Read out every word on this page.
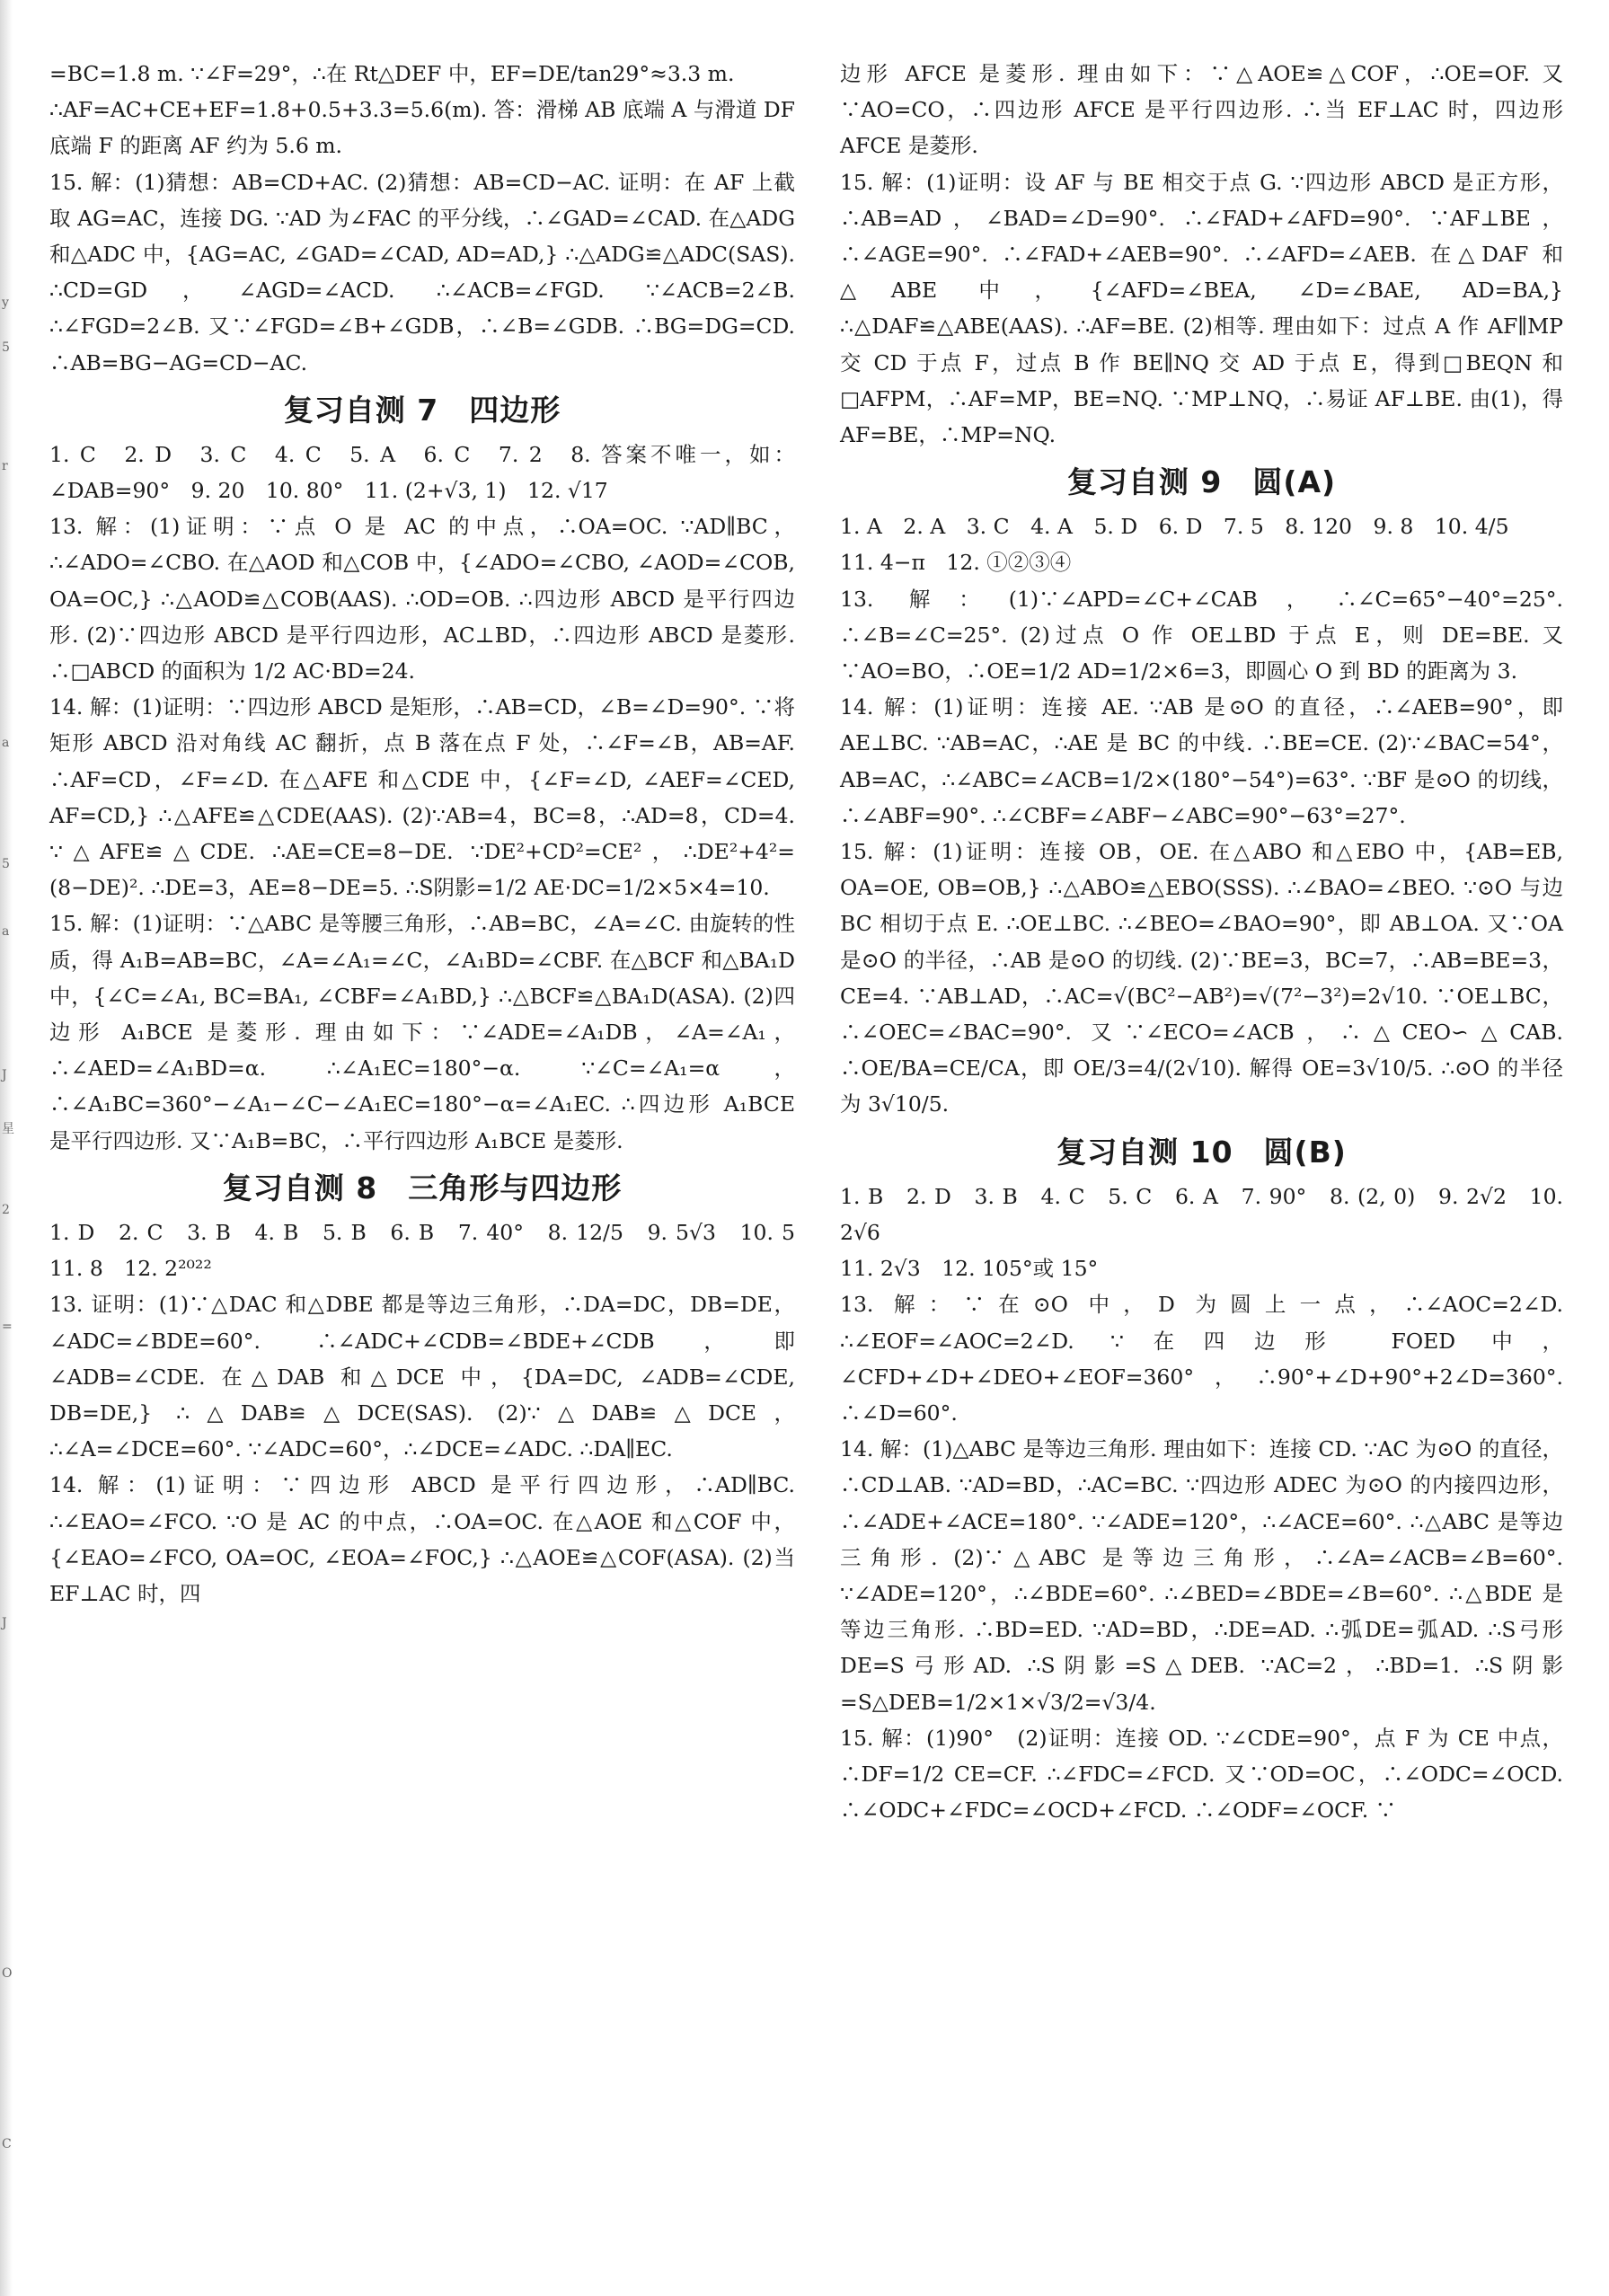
y
5
r
a
5
a
J
星
2
=
J
O
C

=BC=1.8 m. ∵∠F=29°，∴在 Rt△DEF 中，EF=DE/tan29°≈3.3 m.

∴AF=AC+CE+EF=1.8+0.5+3.3=5.6(m). 答：滑梯 AB 底端 A 与滑道 DF 底端 F 的距离 AF 约为 5.6 m.

15. 解：(1)猜想：AB=CD+AC. (2)猜想：AB=CD−AC. 证明：在 AF 上截取 AG=AC，连接 DG. ∵AD 为∠FAC 的平分线，∴∠GAD=∠CAD. 在△ADG 和△ADC 中，{AG=AC, ∠GAD=∠CAD, AD=AD,} ∴△ADG≌△ADC(SAS). ∴CD=GD，∠AGD=∠ACD. ∴∠ACB=∠FGD. ∵∠ACB=2∠B. ∴∠FGD=2∠B. 又∵∠FGD=∠B+∠GDB，∴∠B=∠GDB. ∴BG=DG=CD. ∴AB=BG−AG=CD−AC.

复习自测 7　四边形

1. C　2. D　3. C　4. C　5. A　6. C　7. 2　8. 答案不唯一，如：∠DAB=90°　9. 20　10. 80°　11. (2+√3, 1)　12. √17

13. 解：(1)证明：∵点 O 是 AC 的中点，∴OA=OC. ∵AD∥BC，∴∠ADO=∠CBO. 在△AOD 和△COB 中，{∠ADO=∠CBO, ∠AOD=∠COB, OA=OC,} ∴△AOD≌△COB(AAS). ∴OD=OB. ∴四边形 ABCD 是平行四边形. (2)∵四边形 ABCD 是平行四边形，AC⊥BD，∴四边形 ABCD 是菱形. ∴□ABCD 的面积为 1/2 AC·BD=24.

14. 解：(1)证明：∵四边形 ABCD 是矩形，∴AB=CD，∠B=∠D=90°. ∵将矩形 ABCD 沿对角线 AC 翻折，点 B 落在点 F 处，∴∠F=∠B，AB=AF. ∴AF=CD，∠F=∠D. 在△AFE 和△CDE 中，{∠F=∠D, ∠AEF=∠CED, AF=CD,} ∴△AFE≌△CDE(AAS). (2)∵AB=4，BC=8，∴AD=8，CD=4. ∵△AFE≌△CDE. ∴AE=CE=8−DE. ∵DE²+CD²=CE²，∴DE²+4²=(8−DE)². ∴DE=3，AE=8−DE=5. ∴S阴影=1/2 AE·DC=1/2×5×4=10.

15. 解：(1)证明：∵△ABC 是等腰三角形，∴AB=BC，∠A=∠C. 由旋转的性质，得 A₁B=AB=BC，∠A=∠A₁=∠C，∠A₁BD=∠CBF. 在△BCF 和△BA₁D 中，{∠C=∠A₁, BC=BA₁, ∠CBF=∠A₁BD,} ∴△BCF≌△BA₁D(ASA). (2)四边形 A₁BCE 是菱形. 理由如下：∵∠ADE=∠A₁DB，∠A=∠A₁，∴∠AED=∠A₁BD=α. ∴∠A₁EC=180°−α. ∵∠C=∠A₁=α，∴∠A₁BC=360°−∠A₁−∠C−∠A₁EC=180°−α=∠A₁EC. ∴四边形 A₁BCE 是平行四边形. 又∵A₁B=BC，∴平行四边形 A₁BCE 是菱形.

复习自测 8　三角形与四边形

1. D　2. C　3. B　4. B　5. B　6. B　7. 40°　8. 12/5　9. 5√3　10. 5　11. 8　12. 2²⁰²²

13. 证明：(1)∵△DAC 和△DBE 都是等边三角形，∴DA=DC，DB=DE，∠ADC=∠BDE=60°. ∴∠ADC+∠CDB=∠BDE+∠CDB，即∠ADB=∠CDE. 在△DAB 和△DCE 中，{DA=DC, ∠ADB=∠CDE, DB=DE,} ∴△DAB≌△DCE(SAS). (2)∵△DAB≌△DCE，∴∠A=∠DCE=60°. ∵∠ADC=60°，∴∠DCE=∠ADC. ∴DA∥EC.

14. 解：(1)证明：∵四边形 ABCD 是平行四边形，∴AD∥BC. ∴∠EAO=∠FCO. ∵O 是 AC 的中点，∴OA=OC. 在△AOE 和△COF 中，{∠EAO=∠FCO, OA=OC, ∠EOA=∠FOC,} ∴△AOE≌△COF(ASA). (2)当 EF⊥AC 时，四

边形 AFCE 是菱形. 理由如下：∵△AOE≌△COF，∴OE=OF. 又∵AO=CO，∴四边形 AFCE 是平行四边形. ∴当 EF⊥AC 时，四边形 AFCE 是菱形.

15. 解：(1)证明：设 AF 与 BE 相交于点 G. ∵四边形 ABCD 是正方形，∴AB=AD，∠BAD=∠D=90°. ∴∠FAD+∠AFD=90°. ∵AF⊥BE，∴∠AGE=90°. ∴∠FAD+∠AEB=90°. ∴∠AFD=∠AEB. 在△DAF 和△ABE 中，{∠AFD=∠BEA, ∠D=∠BAE, AD=BA,} ∴△DAF≌△ABE(AAS). ∴AF=BE. (2)相等. 理由如下：过点 A 作 AF∥MP 交 CD 于点 F，过点 B 作 BE∥NQ 交 AD 于点 E，得到□BEQN 和□AFPM，∴AF=MP，BE=NQ. ∵MP⊥NQ，∴易证 AF⊥BE. 由(1)，得 AF=BE，∴MP=NQ.

复习自测 9　圆(A)

1. A　2. A　3. C　4. A　5. D　6. D　7. 5　8. 120　9. 8　10. 4/5

11. 4−π　12. ①②③④

13. 解：(1)∵∠APD=∠C+∠CAB，∴∠C=65°−40°=25°. ∴∠B=∠C=25°. (2)过点 O 作 OE⊥BD 于点 E，则 DE=BE. 又∵AO=BO，∴OE=1/2 AD=1/2×6=3，即圆心 O 到 BD 的距离为 3.

14. 解：(1)证明：连接 AE. ∵AB 是⊙O 的直径，∴∠AEB=90°，即 AE⊥BC. ∵AB=AC，∴AE 是 BC 的中线. ∴BE=CE. (2)∵∠BAC=54°，AB=AC，∴∠ABC=∠ACB=1/2×(180°−54°)=63°. ∵BF 是⊙O 的切线，∴∠ABF=90°. ∴∠CBF=∠ABF−∠ABC=90°−63°=27°.

15. 解：(1)证明：连接 OB，OE. 在△ABO 和△EBO 中，{AB=EB, OA=OE, OB=OB,} ∴△ABO≌△EBO(SSS). ∴∠BAO=∠BEO. ∵⊙O 与边 BC 相切于点 E. ∴OE⊥BC. ∴∠BEO=∠BAO=90°，即 AB⊥OA. 又∵OA 是⊙O 的半径，∴AB 是⊙O 的切线. (2)∵BE=3，BC=7，∴AB=BE=3，CE=4. ∵AB⊥AD，∴AC=√(BC²−AB²)=√(7²−3²)=2√10. ∵OE⊥BC，∴∠OEC=∠BAC=90°. 又∵∠ECO=∠ACB，∴△CEO∽△CAB. ∴OE/BA=CE/CA，即 OE/3=4/(2√10). 解得 OE=3√10/5. ∴⊙O 的半径为 3√10/5.

复习自测 10　圆(B)

1. B　2. D　3. B　4. C　5. C　6. A　7. 90°　8. (2, 0)　9. 2√2　10. 2√6

11. 2√3　12. 105°或 15°

13. 解：∵在⊙O 中，D 为圆上一点，∴∠AOC=2∠D. ∴∠EOF=∠AOC=2∠D. ∵在四边形 FOED 中，∠CFD+∠D+∠DEO+∠EOF=360°，∴90°+∠D+90°+2∠D=360°. ∴∠D=60°.

14. 解：(1)△ABC 是等边三角形. 理由如下：连接 CD. ∵AC 为⊙O 的直径，∴CD⊥AB. ∵AD=BD，∴AC=BC. ∵四边形 ADEC 为⊙O 的内接四边形，∴∠ADE+∠ACE=180°. ∵∠ADE=120°，∴∠ACE=60°. ∴△ABC 是等边三角形. (2)∵△ABC 是等边三角形，∴∠A=∠ACB=∠B=60°. ∵∠ADE=120°，∴∠BDE=60°. ∴∠BED=∠BDE=∠B=60°. ∴△BDE 是等边三角形. ∴BD=ED. ∵AD=BD，∴DE=AD. ∴弧DE=弧AD. ∴S弓形DE=S弓形AD. ∴S阴影=S△DEB. ∵AC=2，∴BD=1. ∴S阴影=S△DEB=1/2×1×√3/2=√3/4.

15. 解：(1)90°　(2)证明：连接 OD. ∵∠CDE=90°，点 F 为 CE 中点，∴DF=1/2 CE=CF. ∴∠FDC=∠FCD. 又∵OD=OC，∴∠ODC=∠OCD. ∴∠ODC+∠FDC=∠OCD+∠FCD. ∴∠ODF=∠OCF. ∵
